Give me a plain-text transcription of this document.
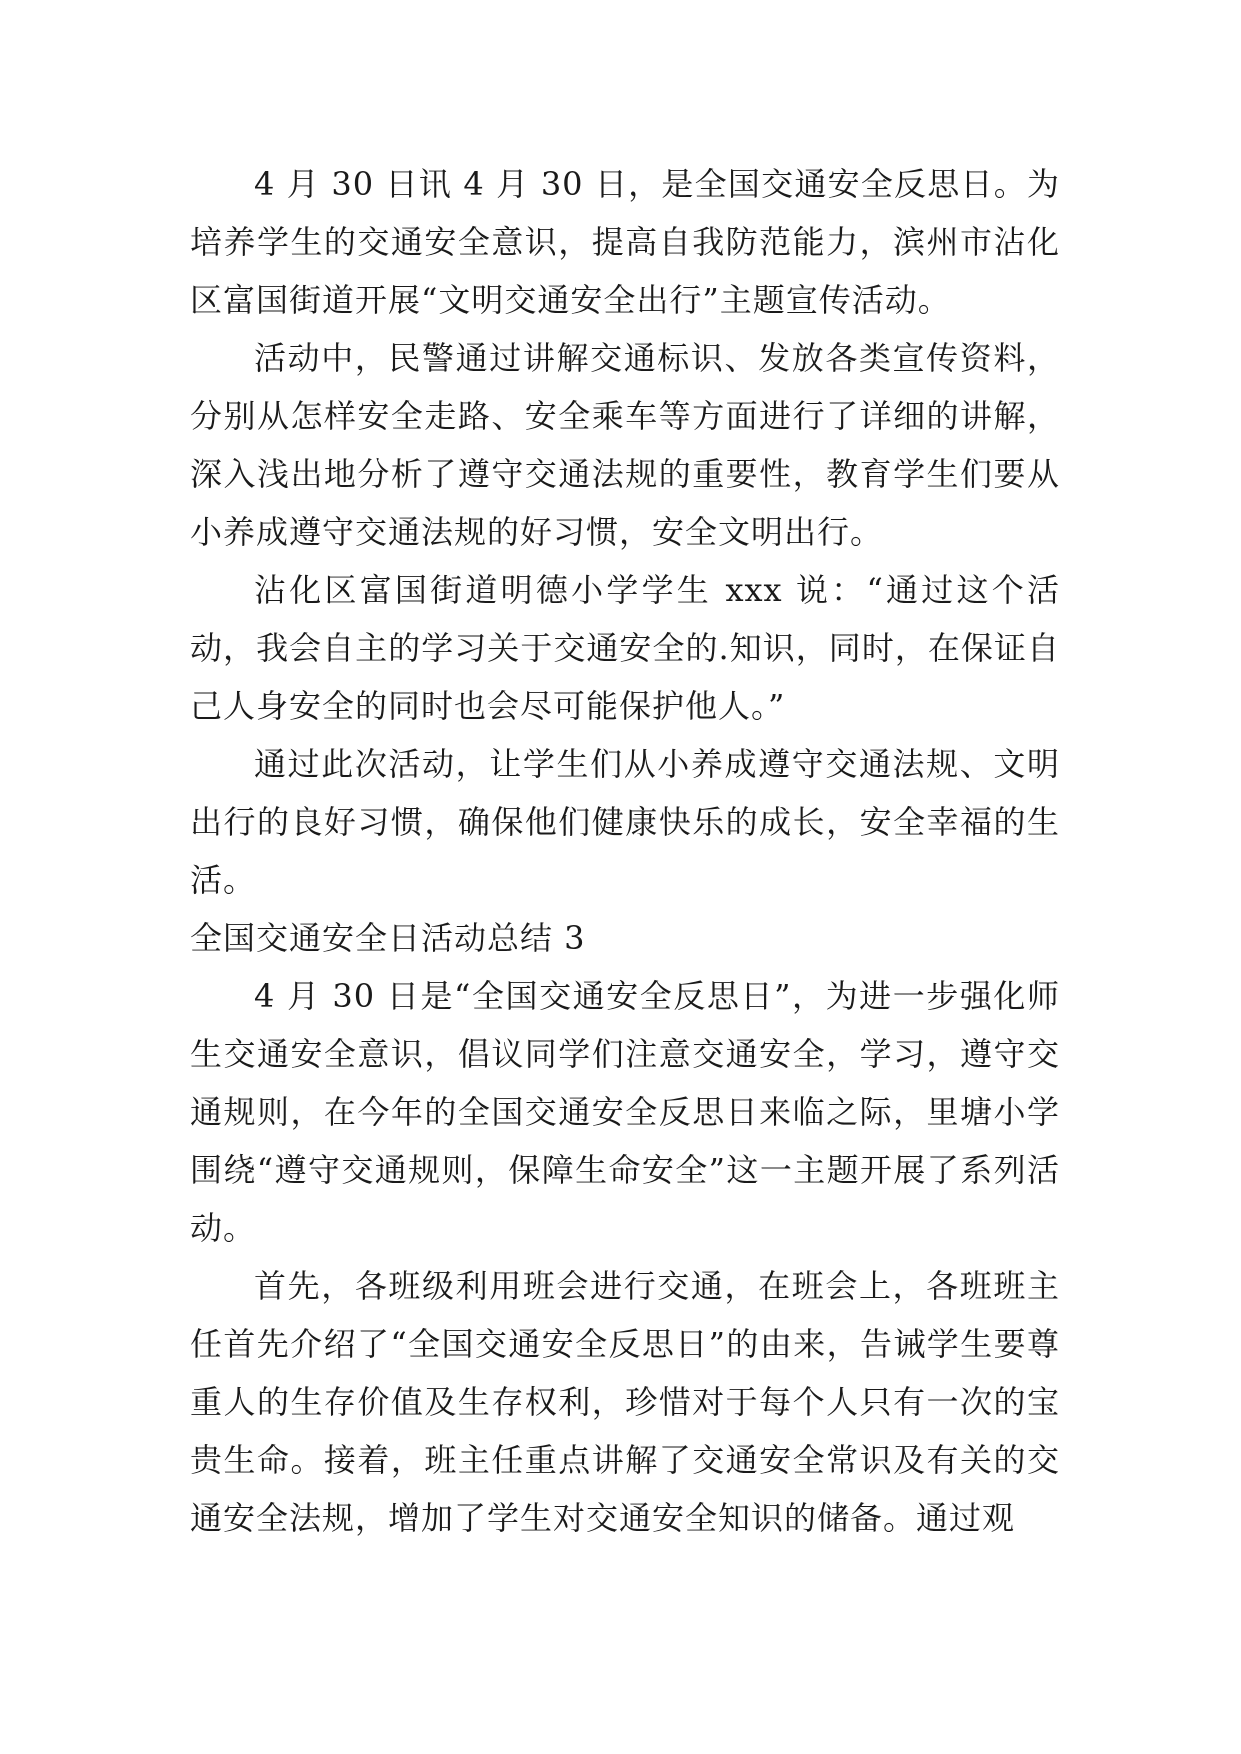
4 月 30 日讯 4 月 30 日，是全国交通安全反思日。为培养学生的交通安全意识，提高自我防范能力，滨州市沾化区富国街道开展“文明交通安全出行”主题宣传活动。

活动中，民警通过讲解交通标识、发放各类宣传资料，分别从怎样安全走路、安全乘车等方面进行了详细的讲解，深入浅出地分析了遵守交通法规的重要性，教育学生们要从小养成遵守交通法规的好习惯，安全文明出行。

沾化区富国街道明德小学学生 xxx 说：“通过这个活动，我会自主的学习关于交通安全的.知识，同时，在保证自己人身安全的同时也会尽可能保护他人。”

通过此次活动，让学生们从小养成遵守交通法规、文明出行的良好习惯，确保他们健康快乐的成长，安全幸福的生活。

全国交通安全日活动总结 3

4 月 30 日是“全国交通安全反思日”，为进一步强化师生交通安全意识，倡议同学们注意交通安全，学习，遵守交通规则，在今年的全国交通安全反思日来临之际，里塘小学围绕“遵守交通规则，保障生命安全”这一主题开展了系列活动。

首先，各班级利用班会进行交通，在班会上，各班班主任首先介绍了“全国交通安全反思日”的由来，告诫学生要尊重人的生存价值及生存权利，珍惜对于每个人只有一次的宝贵生命。接着，班主任重点讲解了交通安全常识及有关的交通安全法规，增加了学生对交通安全知识的储备。通过观
